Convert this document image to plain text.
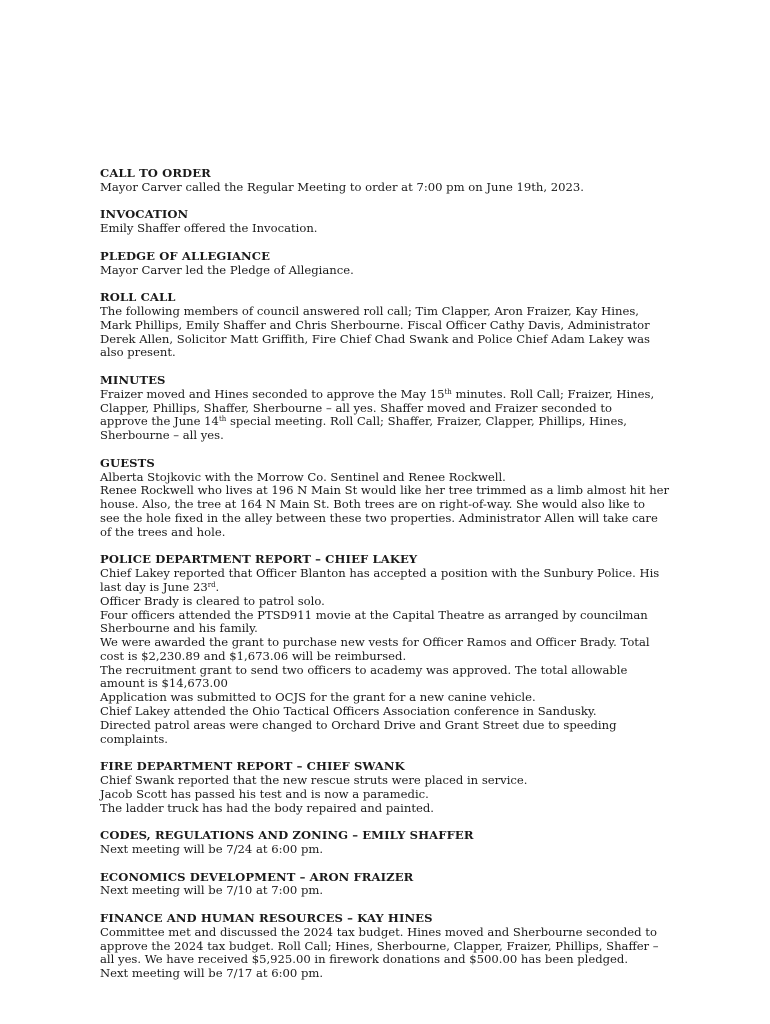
CALL TO ORDER
Mayor Carver called the Regular Meeting to order at 7:00 pm on June 19th, 2023.
INVOCATION
Emily Shaffer offered the Invocation.
PLEDGE OF ALLEGIANCE
Mayor Carver led the Pledge of Allegiance.
ROLL CALL
The following members of council answered roll call; Tim Clapper, Aron Fraizer, Kay Hines,
Mark Phillips, Emily Shaffer and Chris Sherbourne. Fiscal Officer Cathy Davis, Administrator
Derek Allen, Solicitor Matt Griffith, Fire Chief Chad Swank and Police Chief Adam Lakey was
also present.
MINUTES
Fraizer moved and Hines seconded to approve the May 15th minutes. Roll Call; Fraizer, Hines,
Clapper, Phillips, Shaffer, Sherbourne – all yes. Shaffer moved and Fraizer seconded to
approve the June 14th special meeting. Roll Call; Shaffer, Fraizer, Clapper, Phillips, Hines,
Sherbourne – all yes.
GUESTS
Alberta Stojkovic with the Morrow Co. Sentinel and Renee Rockwell.
Renee Rockwell who lives at 196 N Main St would like her tree trimmed as a limb almost hit her
house. Also, the tree at 164 N Main St. Both trees are on right-of-way. She would also like to
see the hole fixed in the alley between these two properties. Administrator Allen will take care
of the trees and hole.
POLICE DEPARTMENT REPORT – CHIEF LAKEY
Chief Lakey reported that Officer Blanton has accepted a position with the Sunbury Police. His
last day is June 23rd.
Officer Brady is cleared to patrol solo.
Four officers attended the PTSD911 movie at the Capital Theatre as arranged by councilman
Sherbourne and his family.
We were awarded the grant to purchase new vests for Officer Ramos and Officer Brady. Total
cost is $2,230.89 and $1,673.06 will be reimbursed.
The recruitment grant to send two officers to academy was approved. The total allowable
amount is $14,673.00
Application was submitted to OCJS for the grant for a new canine vehicle.
Chief Lakey attended the Ohio Tactical Officers Association conference in Sandusky.
Directed patrol areas were changed to Orchard Drive and Grant Street due to speeding
complaints.
FIRE DEPARTMENT REPORT – CHIEF SWANK
Chief Swank reported that the new rescue struts were placed in service.
Jacob Scott has passed his test and is now a paramedic.
The ladder truck has had the body repaired and painted.
CODES, REGULATIONS AND ZONING – EMILY SHAFFER
Next meeting will be 7/24 at 6:00 pm.
ECONOMICS DEVELOPMENT – ARON FRAIZER
Next meeting will be 7/10 at 7:00 pm.
FINANCE AND HUMAN RESOURCES – KAY HINES
Committee met and discussed the 2024 tax budget. Hines moved and Sherbourne seconded to
approve the 2024 tax budget. Roll Call; Hines, Sherbourne, Clapper, Fraizer, Phillips, Shaffer –
all yes. We have received $5,925.00 in firework donations and $500.00 has been pledged.
Next meeting will be 7/17 at 6:00 pm.
